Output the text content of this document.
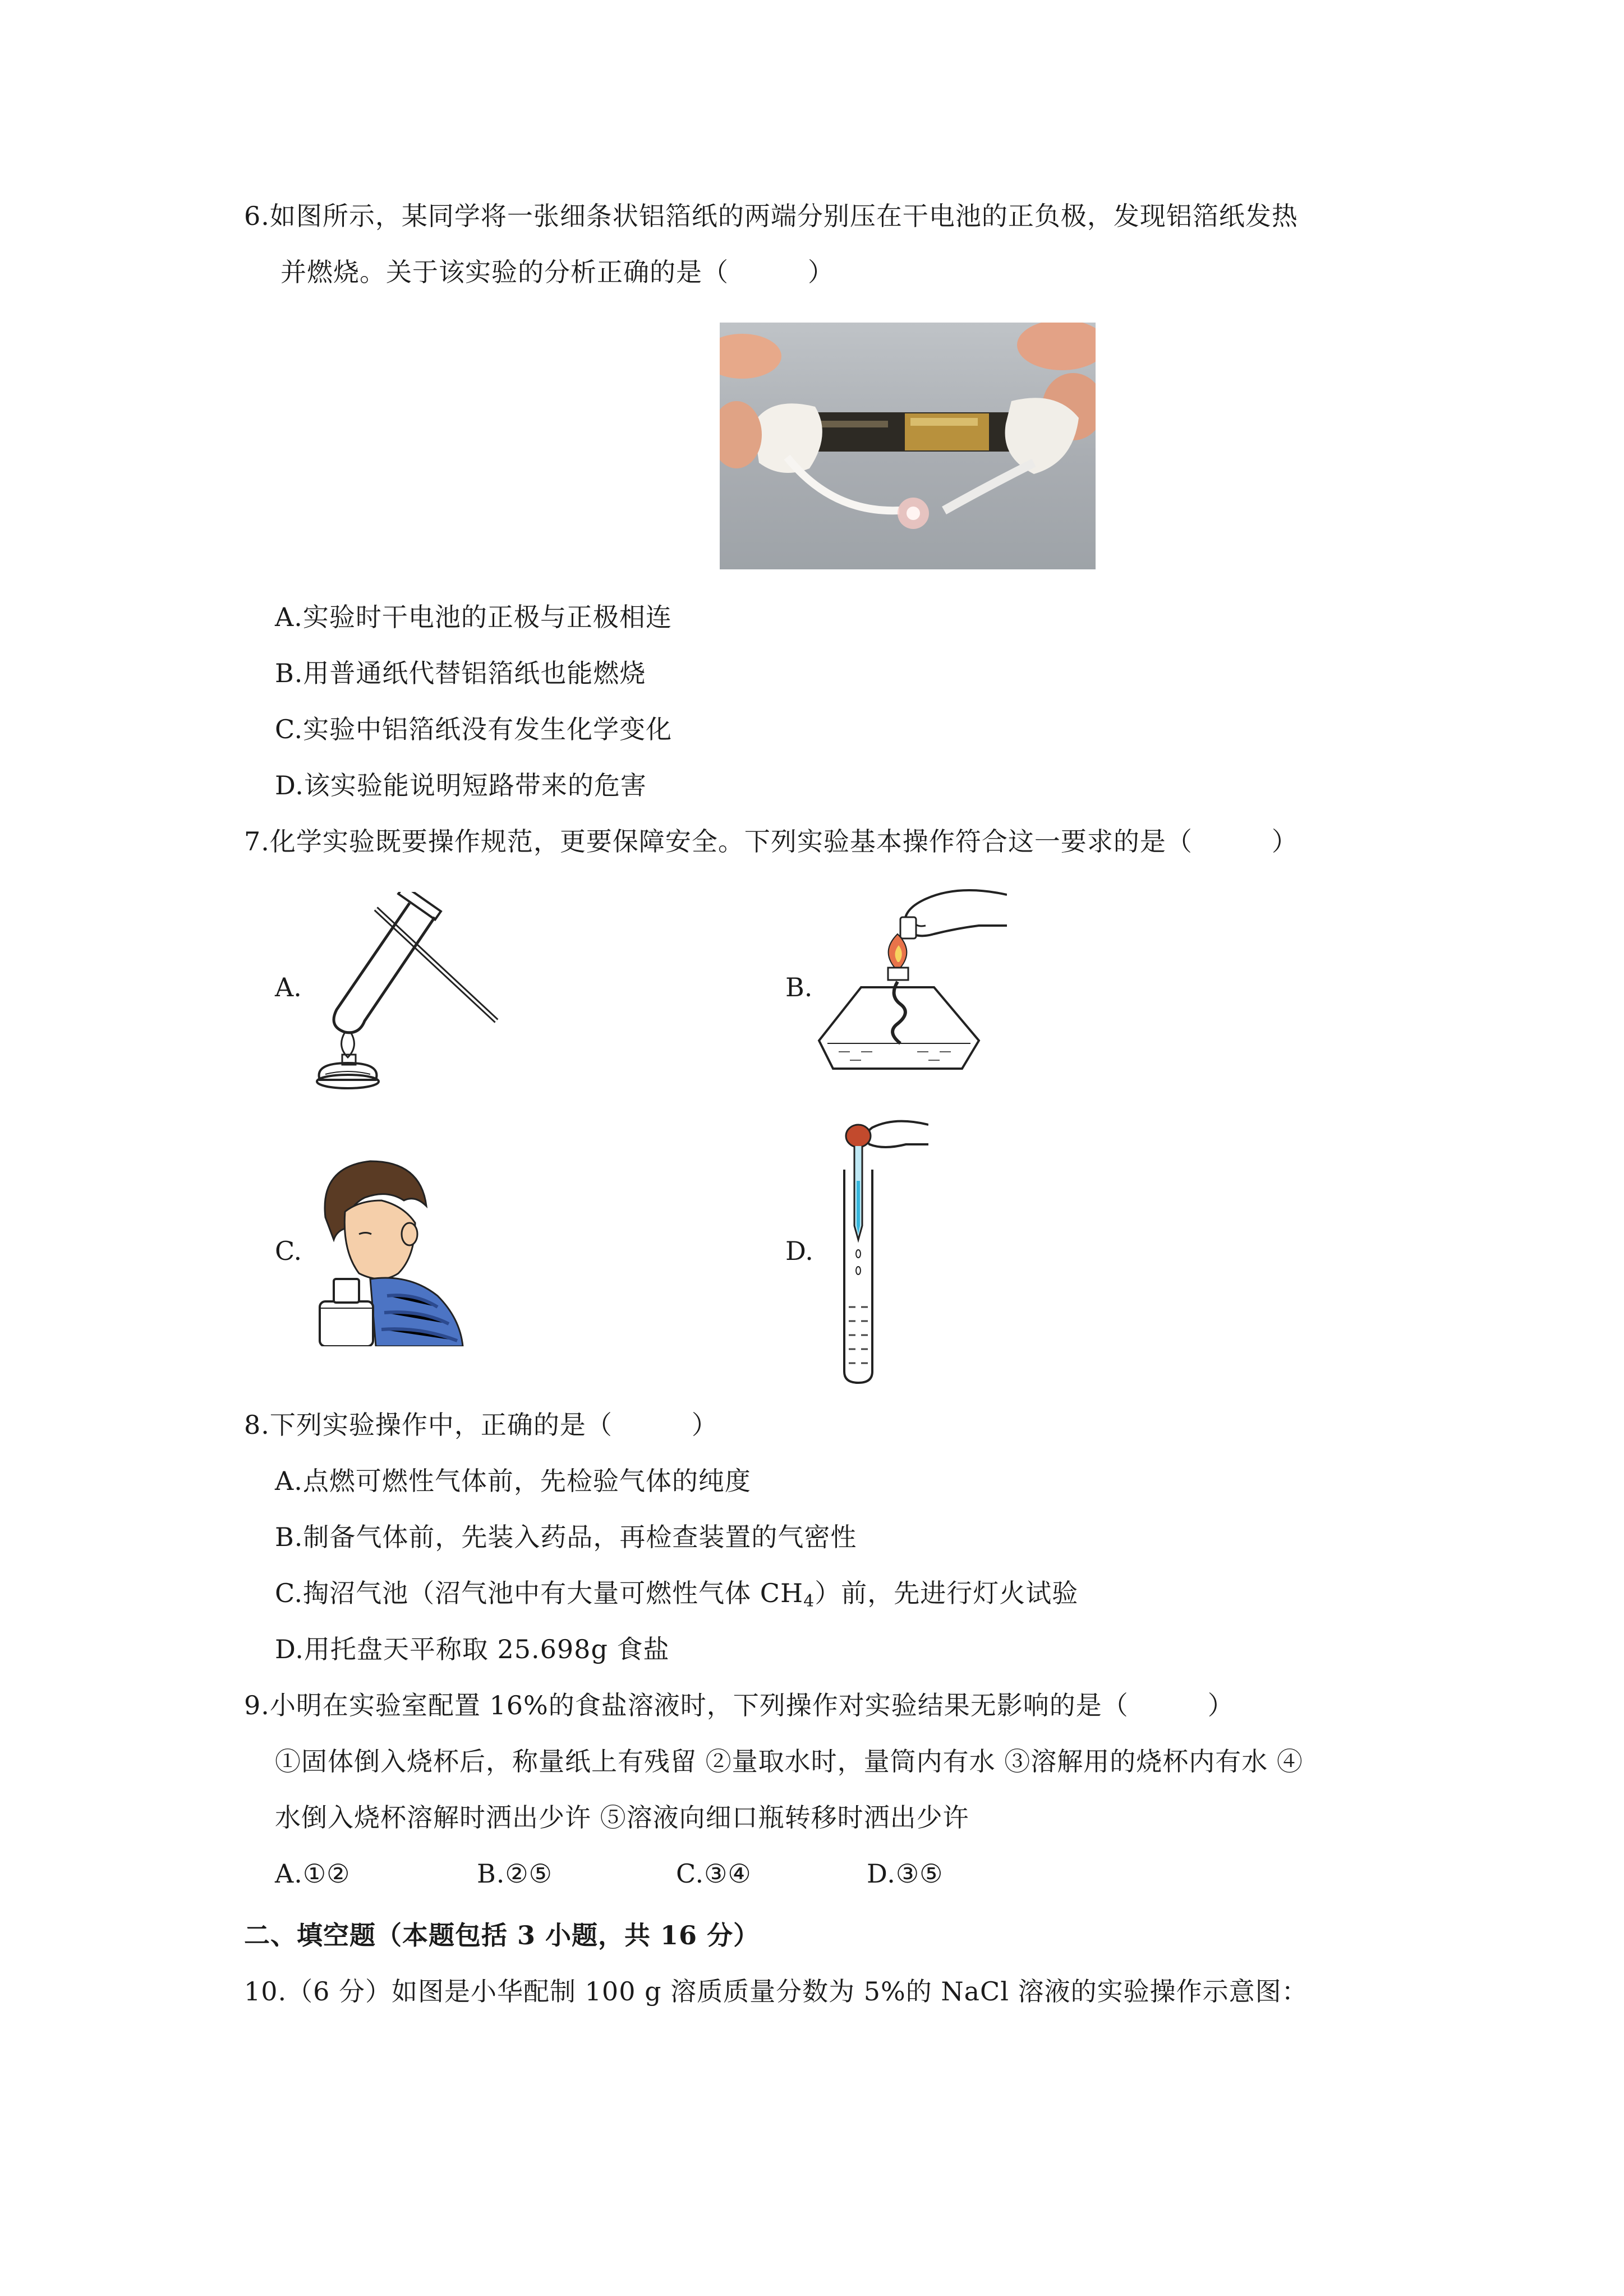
6.如图所示，某同学将一张细条状铝箔纸的两端分别压在干电池的正负极，发现铝箔纸发热
并燃烧。关于该实验的分析正确的是（　　　）
A.实验时干电池的正极与正极相连
B.用普通纸代替铝箔纸也能燃烧
C.实验中铝箔纸没有发生化学变化
D.该实验能说明短路带来的危害
7.化学实验既要操作规范，更要保障安全。下列实验基本操作符合这一要求的是（　　　）
A.	B.
C.	D.
8.下列实验操作中，正确的是（　　　）
A.点燃可燃性气体前，先检验气体的纯度
B.制备气体前，先装入药品，再检查装置的气密性
C.掏沼气池（沼气池中有大量可燃性气体 $CH_4$）前，先进行灯火试验
D.用托盘天平称取 25.698g 食盐
9.小明在实验室配置 16%的食盐溶液时，下列操作对实验结果无影响的是（　　　）
①固体倒入烧杯后，称量纸上有残留 ②量取水时，量筒内有水 ③溶解用的烧杯内有水 ④
水倒入烧杯溶解时洒出少许 ⑤溶液向细口瓶转移时洒出少许
A.①②	B.②⑤	C.③④	D.③⑤
二、填空题（本题包括 3 小题，共 16 分）
10.（6 分）如图是小华配制 100 g 溶质质量分数为 5%的 NaCl 溶液的实验操作示意图：
